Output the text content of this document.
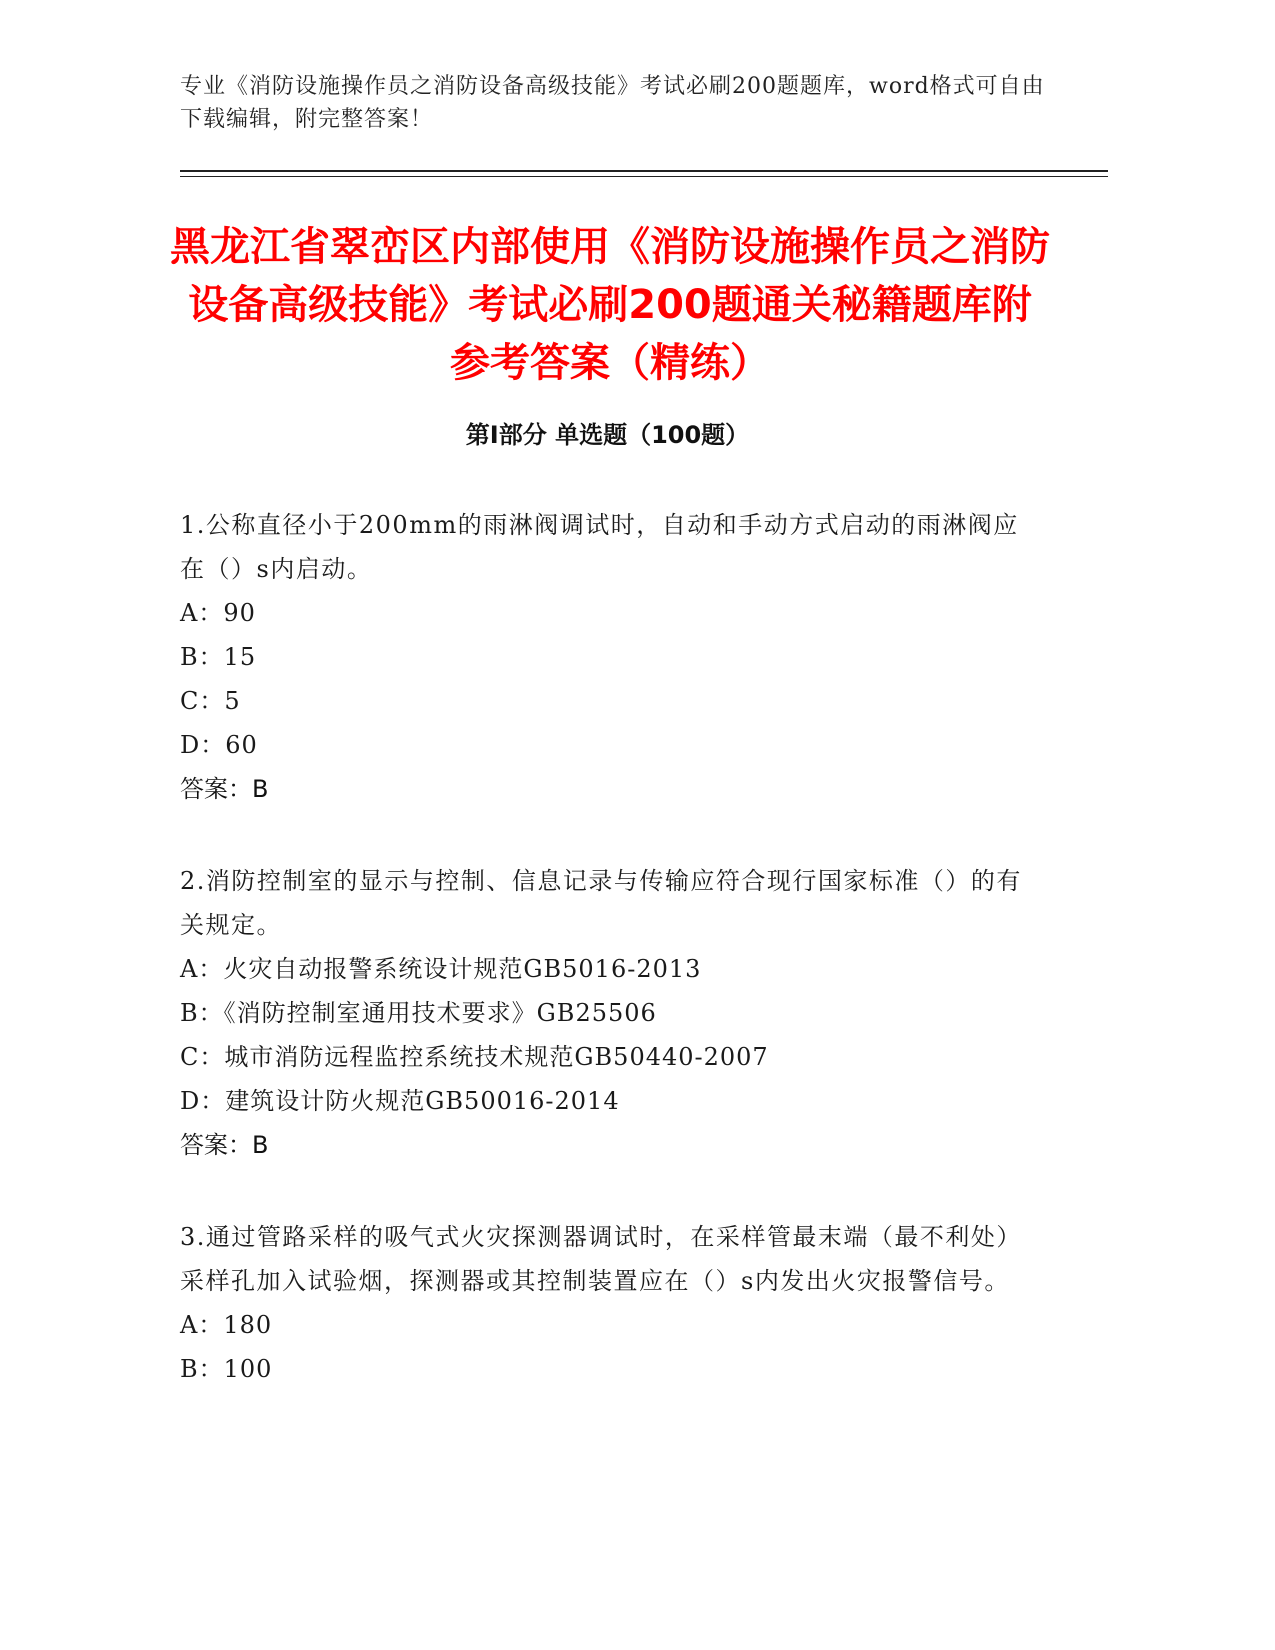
专业《消防设施操作员之消防设备高级技能》考试必刷200题题库，word格式可自由下载编辑，附完整答案！
黑龙江省翠峦区内部使用《消防设施操作员之消防设备高级技能》考试必刷200题通关秘籍题库附参考答案（精练）
第I部分 单选题（100题）
1.公称直径小于200mm的雨淋阀调试时，自动和手动方式启动的雨淋阀应在（）s内启动。
A：90
B：15
C：5
D：60
答案：B
2.消防控制室的显示与控制、信息记录与传输应符合现行国家标准（）的有关规定。
A：火灾自动报警系统设计规范GB5016-2013
B：《消防控制室通用技术要求》GB25506
C：城市消防远程监控系统技术规范GB50440-2007
D：建筑设计防火规范GB50016-2014
答案：B
3.通过管路采样的吸气式火灾探测器调试时，在采样管最末端（最不利处）采样孔加入试验烟，探测器或其控制装置应在（）s内发出火灾报警信号。
A：180
B：100
